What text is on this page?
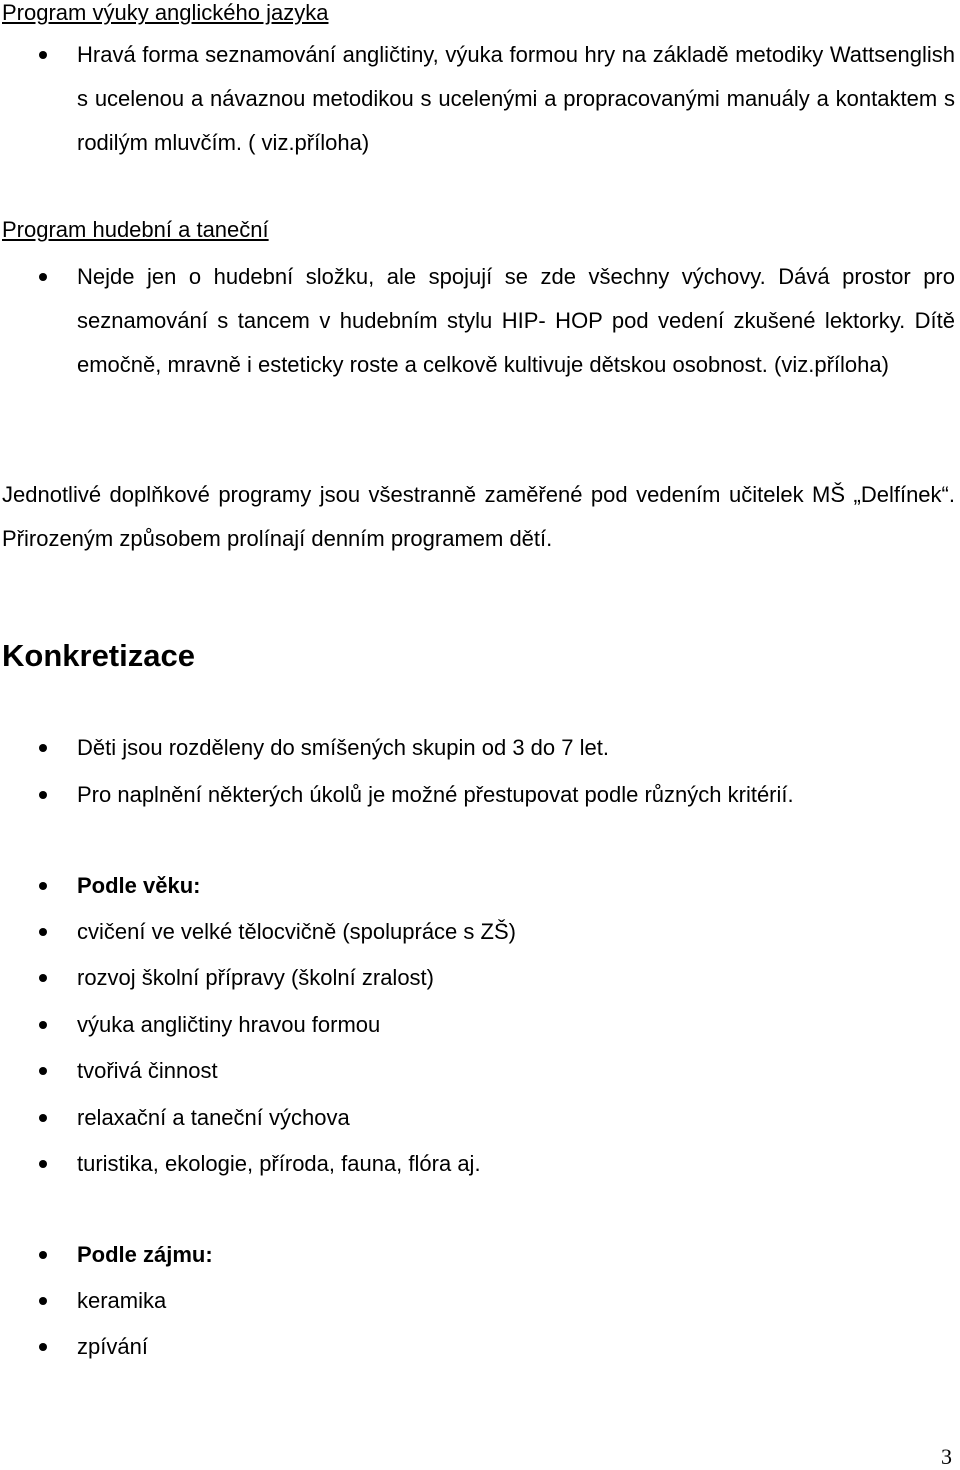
Program výuky anglického jazyka
Hravá forma seznamování angličtiny, výuka formou hry na základě metodiky Wattsenglish s ucelenou a návaznou metodikou s ucelenými a propracovanými manuály a kontaktem s rodilým mluvčím. ( viz.příloha)
Program hudební a taneční
Nejde jen o hudební složku, ale spojují se zde všechny výchovy. Dává prostor pro seznamování s tancem v hudebním stylu HIP- HOP pod vedení zkušené lektorky. Dítě emočně, mravně i esteticky roste a celkově kultivuje dětskou osobnost. (viz.příloha)
Jednotlivé doplňkové programy jsou všestranně zaměřené pod vedením učitelek MŠ „Delfínek“. Přirozeným způsobem prolínají denním programem dětí.
Konkretizace
Děti jsou rozděleny do smíšených skupin od 3 do 7 let.
Pro naplnění některých úkolů je možné přestupovat podle různých kritérií.
Podle věku:
cvičení ve velké tělocvičně (spolupráce s ZŠ)
rozvoj školní přípravy (školní zralost)
výuka angličtiny hravou formou
tvořivá činnost
relaxační a taneční výchova
turistika, ekologie, příroda, fauna, flóra aj.
Podle zájmu:
keramika
zpívání
3
